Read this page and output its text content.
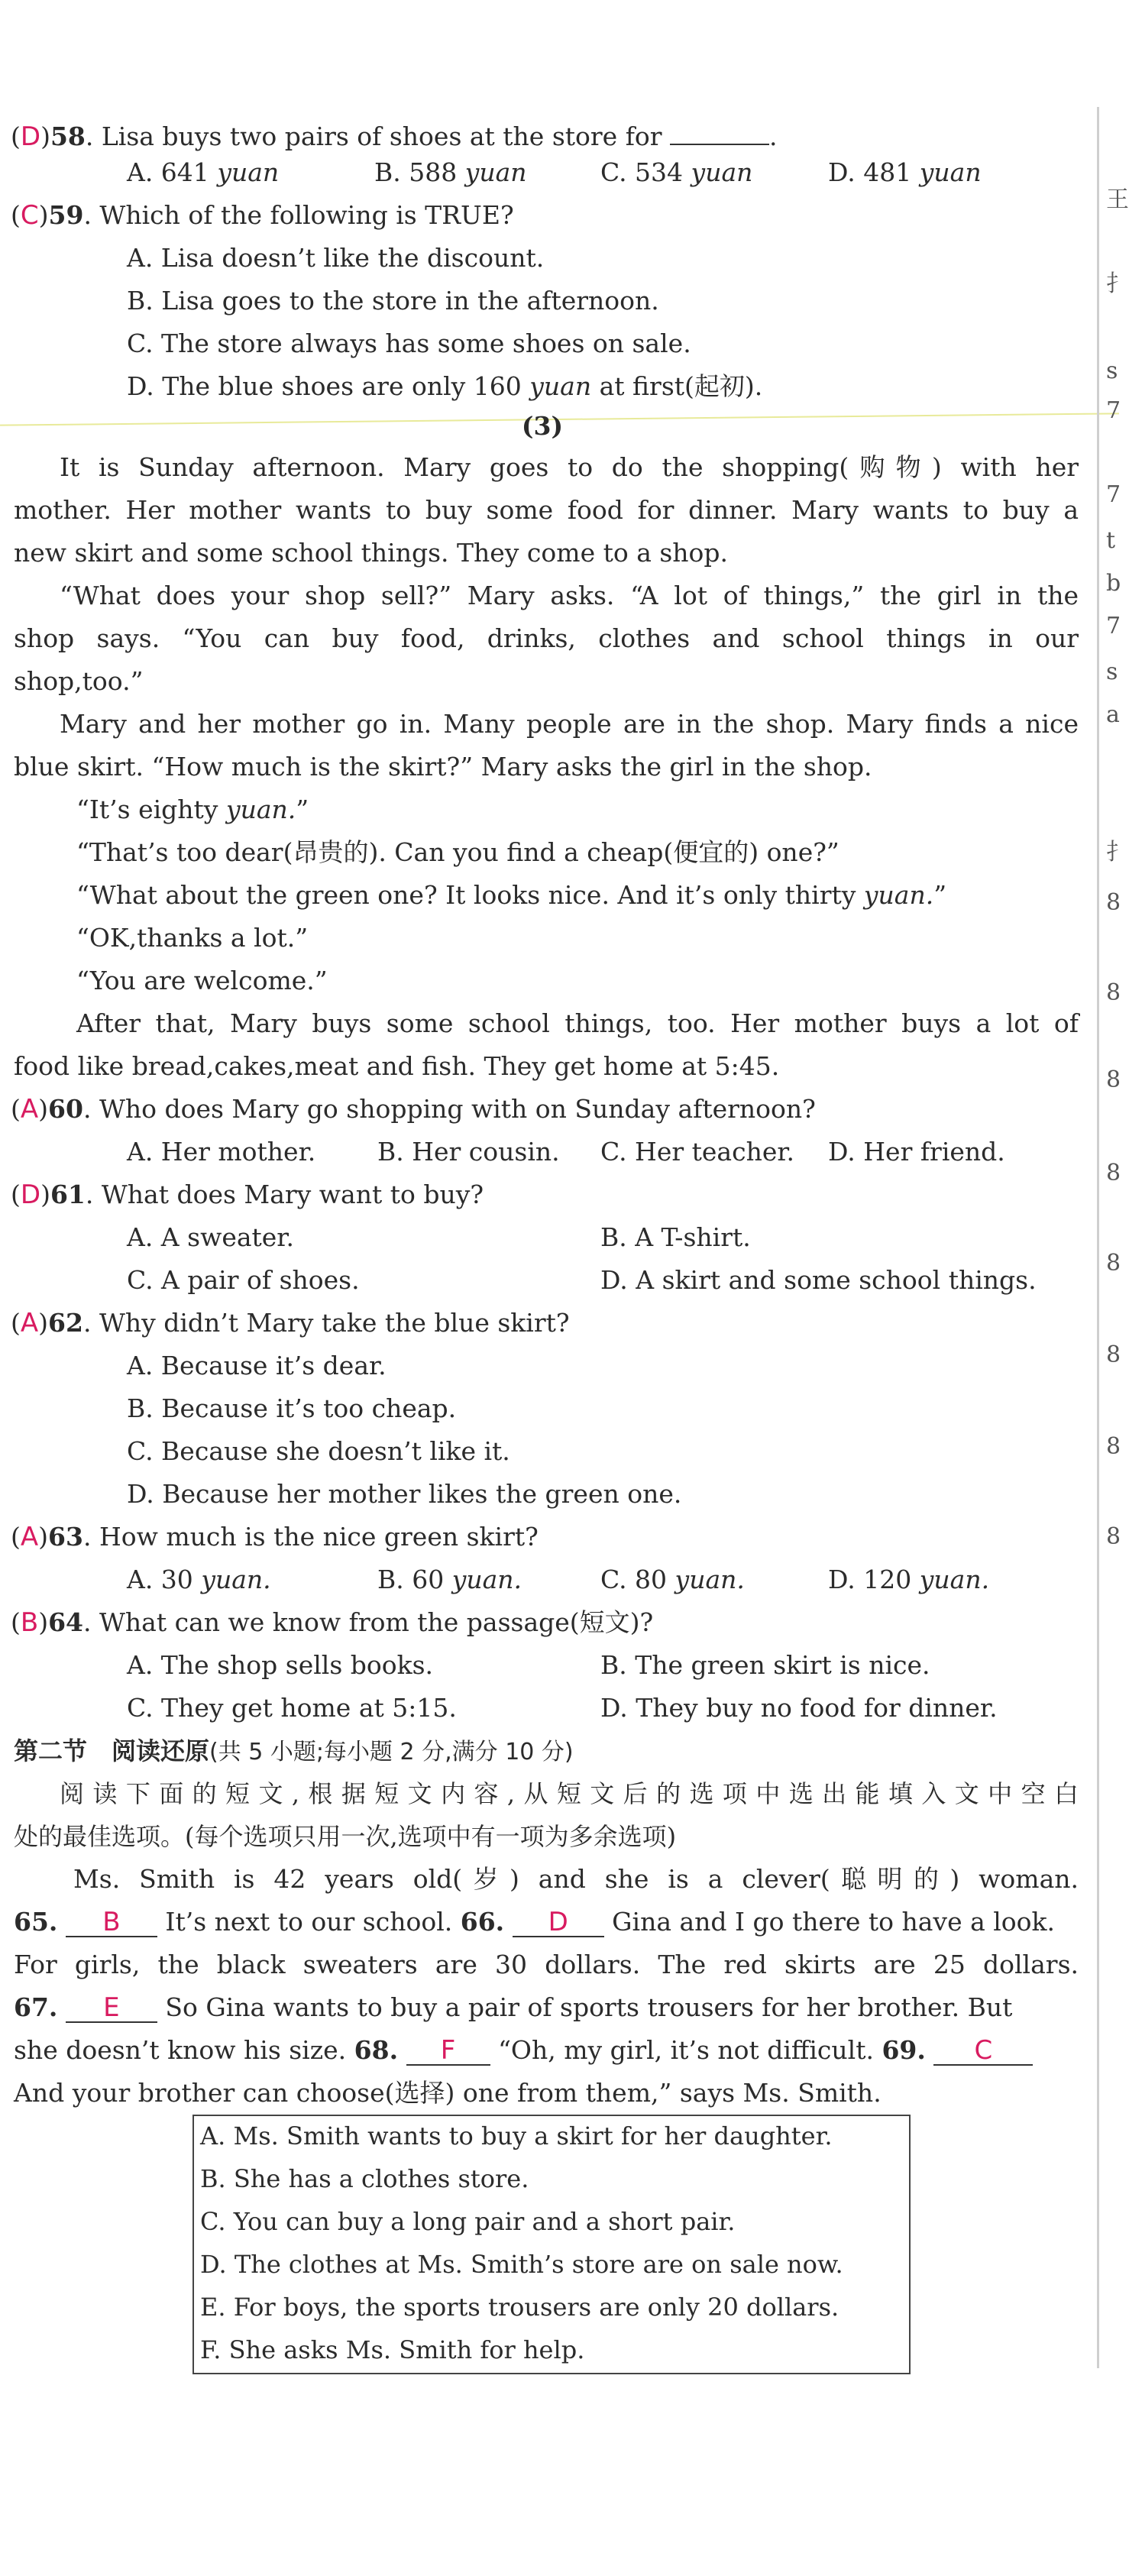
(D)58. Lisa buys two pairs of shoes at the store for	.
A. 641 yuan	B. 588 yuan	C. 534 yuan	D. 481 yuan
(C)59. Which of the following is TRUE?
A. Lisa doesn’t like the discount.
B. Lisa goes to the store in the afternoon.
C. The store always has some shoes on sale.
D. The blue shoes are only 160 yuan at first(起初).
(3)
It is Sunday afternoon. Mary goes to do the shopping(购物) with her
mother. Her mother wants to buy some food for dinner. Mary wants to buy a
new skirt and some school things. They come to a shop.
“What does your shop sell?” Mary asks. “A lot of things,” the girl in the
shop says. “You can buy food, drinks, clothes and school things in our
shop,too.”
Mary and her mother go in. Many people are in the shop. Mary finds a nice
blue skirt. “How much is the skirt?” Mary asks the girl in the shop.
“It’s eighty yuan.”
“That’s too dear(昂贵的). Can you find a cheap(便宜的) one?”
“What about the green one? It looks nice. And it’s only thirty yuan.”
“OK,thanks a lot.”
“You are welcome.”
After that, Mary buys some school things, too. Her mother buys a lot of
food like bread,cakes,meat and fish. They get home at 5:45.
(A)60. Who does Mary go shopping with on Sunday afternoon?
A. Her mother. B. Her cousin. C. Her teacher. D. Her friend.
(D)61. What does Mary want to buy?
A. A sweater.	B. A T-shirt.
C. A pair of shoes.	D. A skirt and some school things.
(A)62. Why didn’t Mary take the blue skirt?
A. Because it’s dear.
B. Because it’s too cheap.
C. Because she doesn’t like it.
D. Because her mother likes the green one.
(A)63. How much is the nice green skirt?
A. 30 yuan.	B. 60 yuan.	C. 80 yuan.	D. 120 yuan.
(B)64. What can we know from the passage(短文)?
A. The shop sells books.	B. The green skirt is nice.
C. They get home at 5:15.	D. They buy no food for dinner.
第二节　阅读还原(共 5 小题;每小题 2 分,满分 10 分)
阅读下面的短文,根据短文内容,从短文后的选项中选出能填入文中空白
处的最佳选项。(每个选项只用一次,选项中有一项为多余选项)
Ms. Smith is 42 years old(岁) and she is a clever(聪明的) woman.
65. B It’s next to our school. 66. D Gina and I go there to have a look.
For girls, the black sweaters are 30 dollars. The red skirts are 25 dollars.
67. E So Gina wants to buy a pair of sports trousers for her brother. But
she doesn’t know his size. 68. F “Oh, my girl, it’s not difficult. 69. C
And your brother can choose(选择) one from them,” says Ms. Smith.
A. Ms. Smith wants to buy a skirt for her daughter.
B. She has a clothes store.
C. You can buy a long pair and a short pair.
D. The clothes at Ms. Smith’s store are on sale now.
E. For boys, the sports trousers are only 20 dollars.
F. She asks Ms. Smith for help.
王
扌
s
7
7
t
b
7
s
a
扌
8
8
8
8
8
8
8
8
